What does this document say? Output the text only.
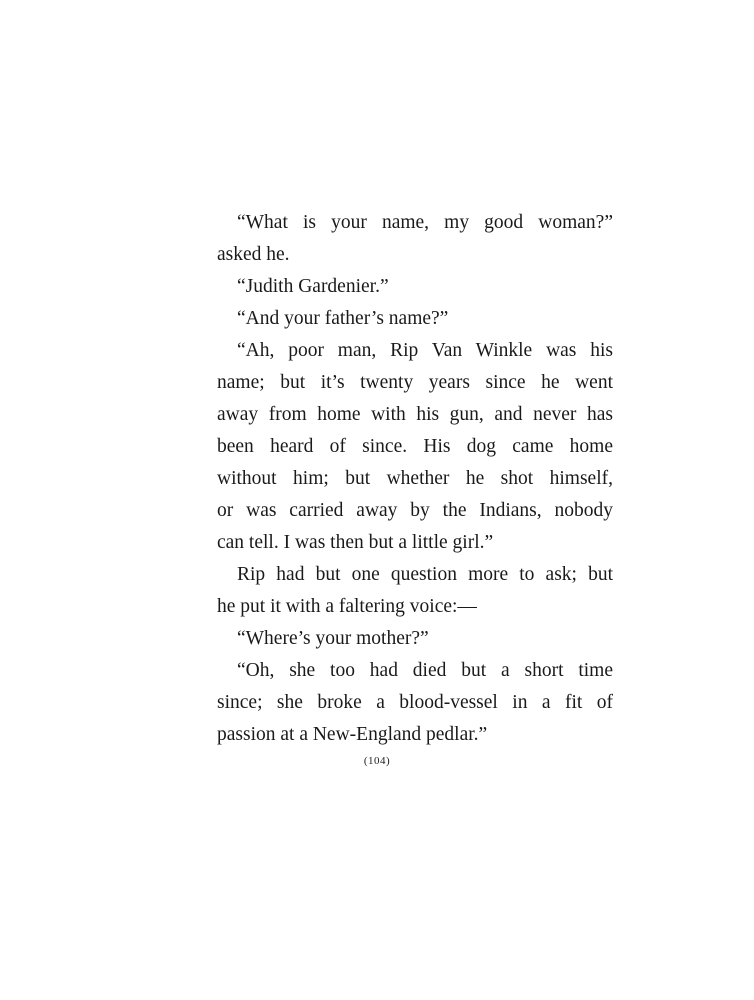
“What is your name, my good woman?”
asked he.
“Judith Gardenier.”
“And your father’s name?”
“Ah, poor man, Rip Van Winkle was his
name; but it’s twenty years since he went
away from home with his gun, and never has
been heard of since. His dog came home
without him; but whether he shot himself,
or was carried away by the Indians, nobody
can tell. I was then but a little girl.”
Rip had but one question more to ask; but
he put it with a faltering voice:—
“Where’s your mother?”
“Oh, she too had died but a short time
since; she broke a blood-vessel in a fit of
passion at a New-England pedlar.”
(104)
